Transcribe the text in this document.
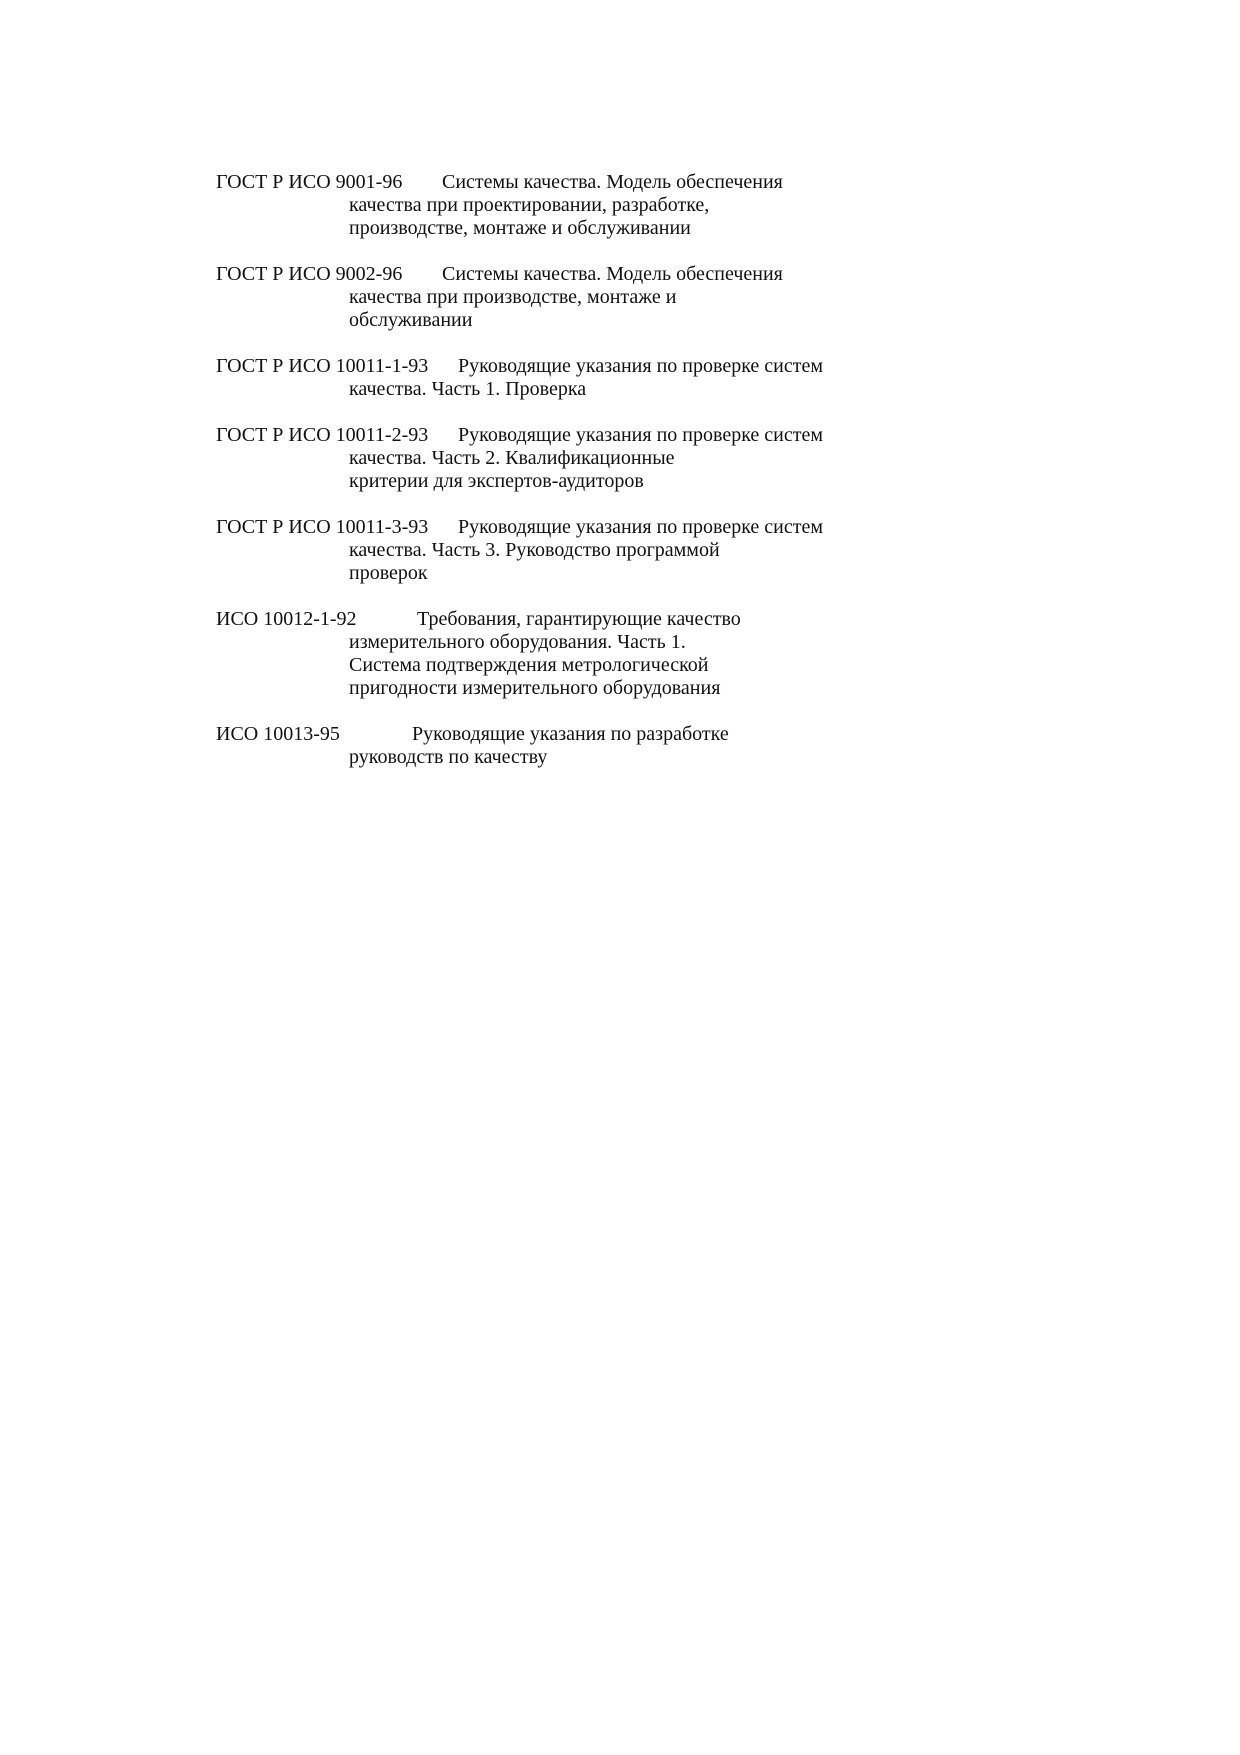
ГОСТ Р ИСО 9001-96 Системы качества. Модель обеспечения
качества при проектировании, разработке,
производстве, монтаже и обслуживании
ГОСТ Р ИСО 9002-96 Системы качества. Модель обеспечения
качества при производстве, монтаже и
обслуживании
ГОСТ Р ИСО 10011-1-93 Руководящие указания по проверке систем
качества. Часть 1. Проверка
ГОСТ Р ИСО 10011-2-93 Руководящие указания по проверке систем
качества. Часть 2. Квалификационные
критерии для экспертов-аудиторов
ГОСТ Р ИСО 10011-3-93 Руководящие указания по проверке систем
качества. Часть 3. Руководство программой
проверок
ИСО 10012-1-92	Требования, гарантирующие качество
измерительного оборудования. Часть 1.
Система подтверждения метрологической
пригодности измерительного оборудования
ИСО 10013-95	Руководящие указания по разработке
руководств по качеству
